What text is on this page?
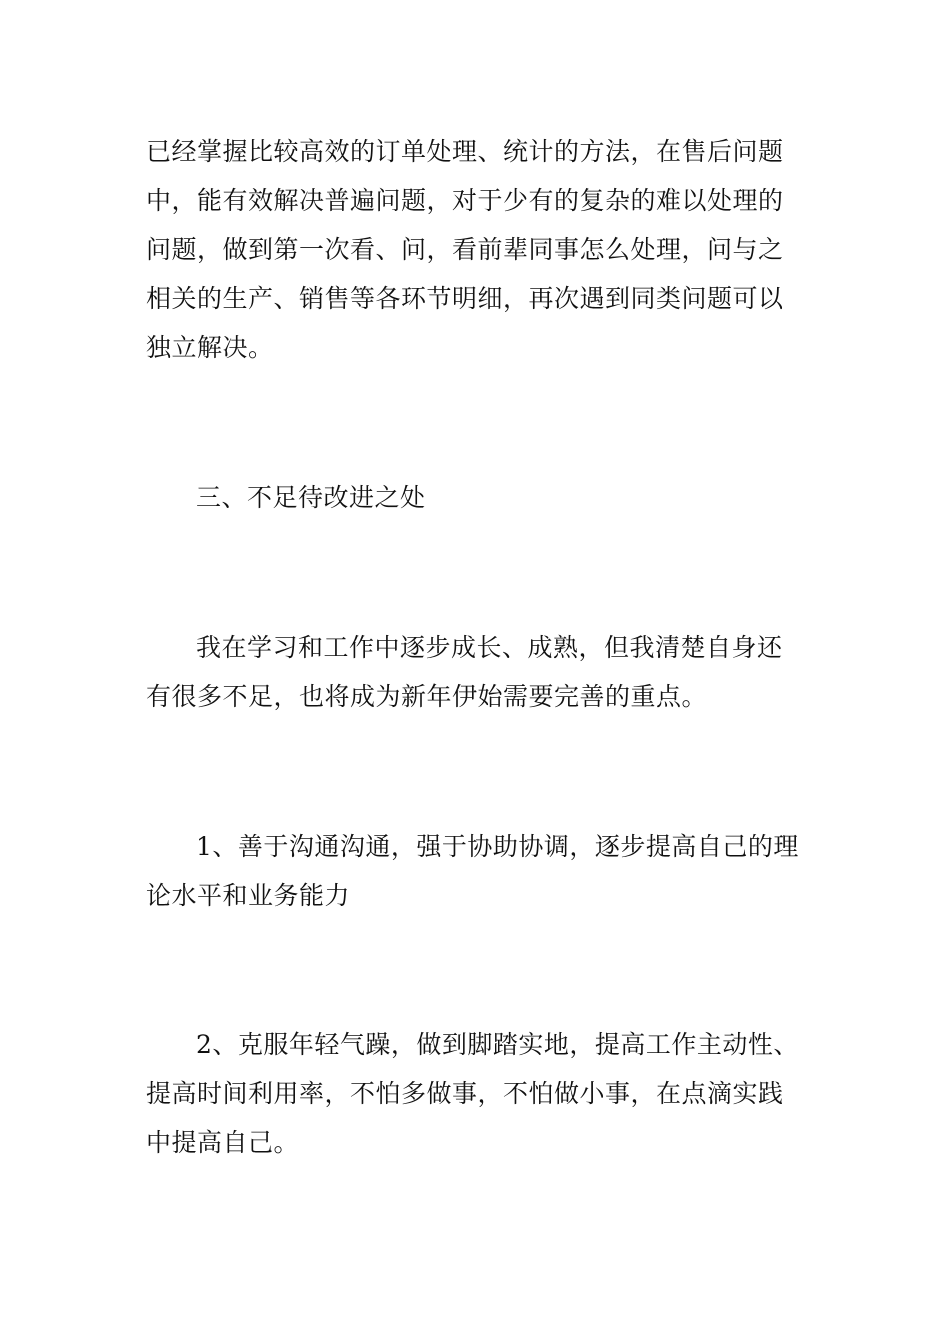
已经掌握比较高效的订单处理、统计的方法，在售后问题
中，能有效解决普遍问题，对于少有的复杂的难以处理的
问题，做到第一次看、问，看前辈同事怎么处理，问与之
相关的生产、销售等各环节明细，再次遇到同类问题可以
独立解决。

三、不足待改进之处

我在学习和工作中逐步成长、成熟，但我清楚自身还
有很多不足，也将成为新年伊始需要完善的重点。

1、善于沟通沟通，强于协助协调，逐步提高自己的理
论水平和业务能力

2、克服年轻气躁，做到脚踏实地，提高工作主动性、
提高时间利用率，不怕多做事，不怕做小事，在点滴实践
中提高自己。
